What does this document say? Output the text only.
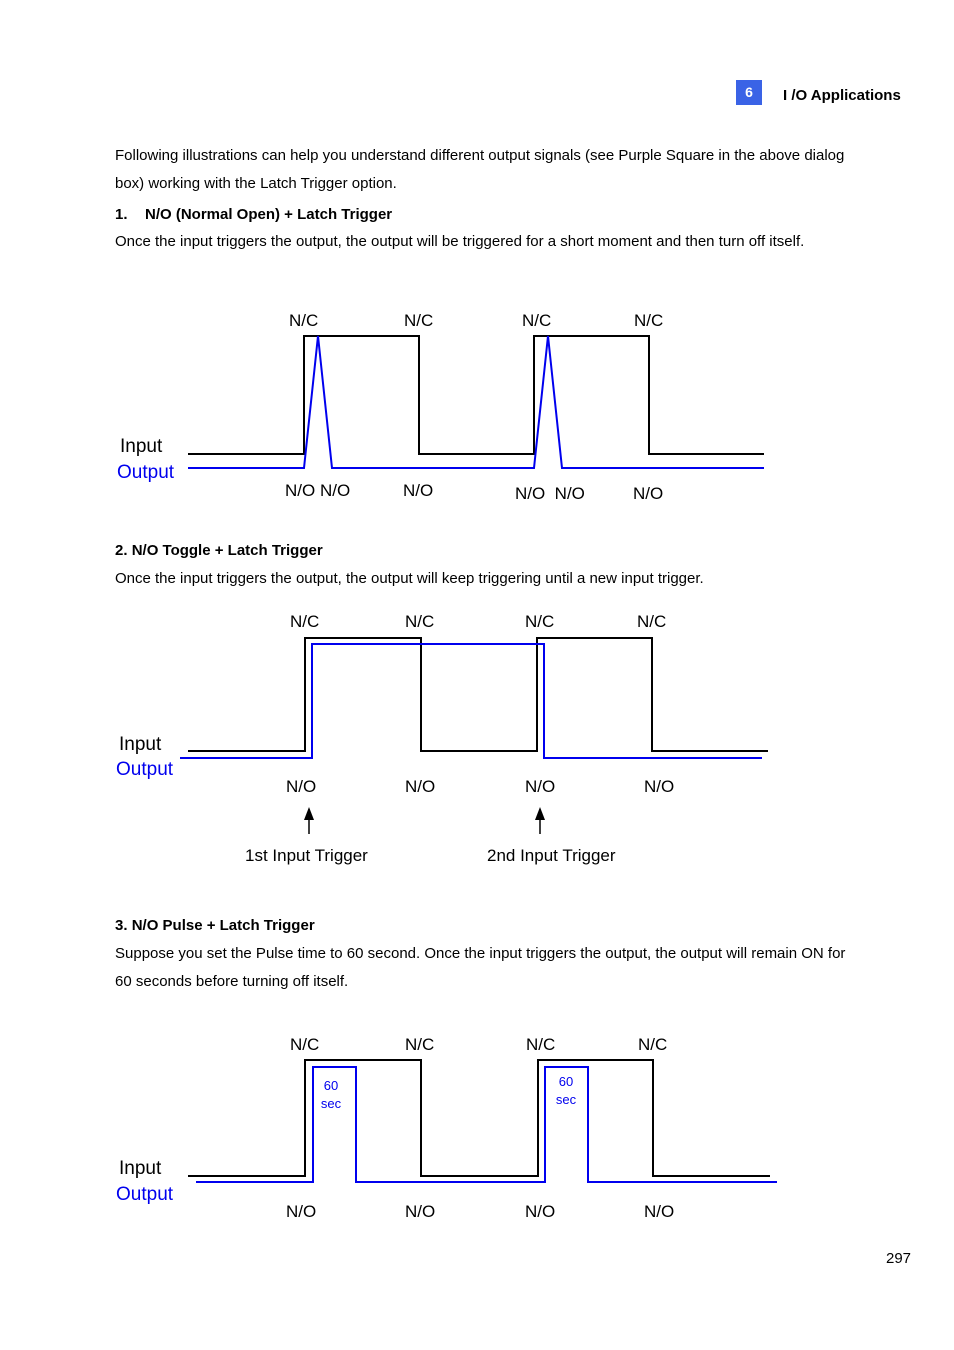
6	I /O Applications
Following illustrations can help you understand different output signals (see Purple Square in the above dialog box) working with the Latch Trigger option.
1. N/O (Normal Open) + Latch Trigger
Once the input triggers the output, the output will be triggered for a short moment and then turn off itself.
N/C	N/C	N/C	N/C
Input
Output
N/O N/O	N/O	N/O  N/O	N/O
2. N/O Toggle + Latch Trigger
Once the input triggers the output, the output will keep triggering until a new input trigger.
N/C	N/C	N/C	N/C
Input
Output
N/O	N/O	N/O	N/O
1st Input Trigger	2nd Input Trigger
3. N/O Pulse + Latch Trigger
Suppose you set the Pulse time to 60 second. Once the input triggers the output, the output will remain ON for 60 seconds before turning off itself.
N/C	N/C	N/C	N/C
Input
Output
60
sec
60
sec
N/O	N/O	N/O	N/O
297
